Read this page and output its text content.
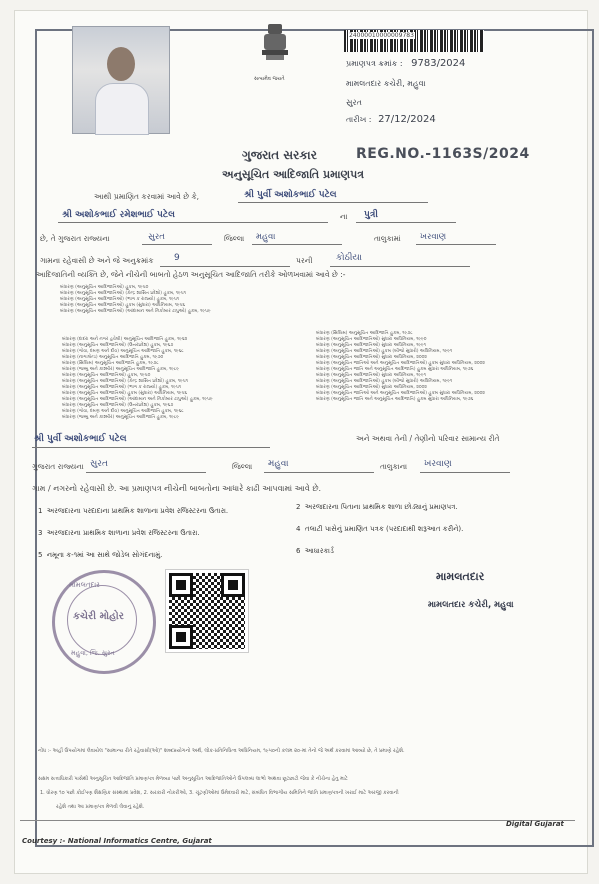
સત્યમેવ જયતે
24000010000009783
પ્રમાણપત્ર ક્રમાંક : 9783/2024
મામલતદાર કચેરી, મહુવા
સુરત
તારીખ : 27/12/2024
ગુજરાત સરકાર	REG.NO.-1163S/2024
અનુસૂચિત આદિજાતિ પ્રમાણપત્ર
આથી પ્રમાણિત કરવામાં આવે છે કે,	શ્રી પુર્વી અશોકભાઈ પટેલ
શ્રી અશોકભાઈ રમેશભાઈ પટેલ	ના પુત્રી
છે, તે ગુજરાત રાજ્યના	સુરત	જિલ્લા મહુવા	તાલુકામાં ખરવાણ
ગામના રહેવાસી છે અને જે અનુક્રમાંક 9	પરની	કોઠીયા
આદિજાતિની વ્યક્તિ છે, જેને નીચેની બાબતો હેઠળ અનુસૂચિત આદિજાતિ તરીકે ઓળખવામાં આવે છે :-
બંધારણ (અનુસૂચિત આદિજાતિઓ) હુકમ, ૧૯૫૦
બંધારણ (અનુસૂચિત આદિજાતિઓ) (કેન્દ્ર શાસિત પ્રદેશો) હુકમ, ૧૯૫૧
બંધારણ (અનુસૂચિત આદિજાતિઓ) (ભાગ ક રાજ્યો) હુકમ, ૧૯૫૧
બંધારણ (અનુસૂચિત આદિજાતિઓ) હુકમ (સુધારા) અધિનિયમ, ૧૯૫૬
બંધારણ (અનુસૂચિત આદિજાતિઓ) (આંદામાન અને નિકોબાર ટાપુઓ) હુકમ, ૧૯૫૯
બંધારણ (દાદરા અને નગર હવેલી) અનુસૂચિત આદિજાતિ હુકમ, ૧૯૬૨
બંધારણ (અનુસૂચિત આદિજાતિઓ) (ઉત્તરપ્રદેશ) હુકમ, ૧૯૬૭
બંધારણ (ગોવા, દમણ અને દીવ) અનુસૂચિત આદિજાતિ હુકમ, ૧૯૬૮
બંધારણ (નાગાલેન્ડ) અનુસૂચિત આદિજાતિ હુકમ, ૧૯૭૦
બંધારણ (સિક્કિમ) અનુસૂચિત આદિજાતિ હુકમ, ૧૯૭૮
બંધારણ (જમ્મુ અને કાશ્મીર) અનુસૂચિત આદિજાતિ હુકમ, ૧૯૮૯
બંધારણ (અનુસૂચિત આદિજાતિઓ) હુકમ, ૧૯૫૦
બંધારણ (અનુસૂચિત આદિજાતિઓ) (કેન્દ્ર શાસિત પ્રદેશો) હુકમ, ૧૯૫૧
બંધારણ (અનુસૂચિત આદિજાતિઓ) (ભાગ ક રાજ્યો) હુકમ, ૧૯૫૧
બંધારણ (અનુસૂચિત આદિજાતિઓ) હુકમ (સુધારા) અધિનિયમ, ૧૯૫૬
બંધારણ (અનુસૂચિત આદિજાતિઓ) (આંદામાન અને નિકોબાર ટાપુઓ) હુકમ, ૧૯૫૯
બંધારણ (અનુસૂચિત આદિજાતિઓ) (ઉત્તરપ્રદેશ) હુકમ, ૧૯૬૭
બંધારણ (ગોવા, દમણ અને દીવ) અનુસૂચિત આદિજાતિ હુકમ, ૧૯૬૮
બંધારણ (જમ્મુ અને કાશ્મીર) અનુસૂચિત આદિજાતિ હુકમ, ૧૯૮૯
બંધારણ (સિક્કિમ) અનુસૂચિત આદિજાતિ હુકમ, ૧૯૭૮
બંધારણ (અનુસૂચિત આદિજાતિઓ) સુધારા અધિનિયમ, ૧૯૯૦
બંધારણ (અનુસૂચિત આદિજાતિઓ) સુધારા અધિનિયમ, ૧૯૯૧
બંધારણ (અનુસૂચિત આદિજાતિઓ) હુકમ (બીજો સુધારો) અધિનિયમ, ૧૯૯૧
બંધારણ (અનુસૂચિત આદિજાતિઓ) સુધારા અધિનિયમ, ૨૦૦૨
બંધારણ (અનુસૂચિત જાતિઓ અને અનુસૂચિત આદિજાતિઓ) હુકમ સુધારા અધિનિયમ, ૨૦૦૨
બંધારણ (અનુસૂચિત જાતિ અને અનુસૂચિત આદિજાતિ) હુકમ સુધારા અધિનિયમ, ૧૯૭૬
બંધારણ (અનુસૂચિત આદિજાતિઓ) સુધારા અધિનિયમ, ૧૯૯૧
બંધારણ (અનુસૂચિત આદિજાતિઓ) હુકમ (બીજો સુધારો) અધિનિયમ, ૧૯૯૧
બંધારણ (અનુસૂચિત આદિજાતિઓ) સુધારા અધિનિયમ, ૨૦૦૨
બંધારણ (અનુસૂચિત જાતિઓ અને અનુસૂચિત આદિજાતિઓ) હુકમ સુધારા અધિનિયમ, ૨૦૦૨
બંધારણ (અનુસૂચિત જાતિ અને અનુસૂચિત આદિજાતિ) હુકમ સુધારા અધિનિયમ, ૧૯૭૬
શ્રી પુર્વી અશોકભાઈ પટેલ	અને અથવા તેની / તેણીનો પરિવાર સામાન્ય રીતે
ગુજરાત રાજ્યના સુરત	જિલ્લા મહુવા	તાલુકાના ખરવાણ
ગામ / નગરનો રહેવાસી છે. આ પ્રમાણપત્ર નીચેની બાબતોના આધારે કાઢી આપવામાં આવે છે.
1 અરજદારના પરદાદાના પ્રાથમિક શાળાના પ્રવેશ રજિસ્ટરના ઉતારા.
3 અરજદારના પ્રાથમિક શાળાના પ્રવેશ રજિસ્ટરના ઉતારા.
5 નમૂના ક-૧માં આ સાથે જોડેલ સોગંદનામું.
2 અરજદારના પિતાના પ્રાથમિક શાળા છોડ્યાનું પ્રમાણપત્ર.
4 તલાટી પાસેનું પ્રમાણિત પત્રક (પરદાદાથી શરૂઆત કરીને).
6 આધારકાર્ડ
મામલતદાર
કચેરી મોહોર
મહુવા, જિ. સુરત
મામલતદાર
મામલતદાર કચેરી, મહુવા
નોંધ :- અહીં ઉપયોગમાં લેવાયેલ "સામાન્ય રીતે રહેવાસી(ઓ)" શબ્દપ્રયોગનો અર્થ, લોક-પ્રતિનિધિત્વ અધિનિયમ, ૧૯૫૦ની કલમ ૨૦-માં તેનો જે અર્થ કરવામાં આવ્યો છે, તે પ્રમાણે રહેશે.
સક્ષમ સત્તાધિકારી પાસેથી અનુસૂચિત આદિજાતિ પ્રમાણપત્ર મેળવ્યા પછી અનુસૂચિત આદિજાતિઓને ઉપલબ્ધ લાભો અથવા છૂટછાટો જેવા કે નીચેના હેતુ માટે
1. ધોરણ ૧૦ પછી કોઈપણ શૈક્ષણિક સંસ્થામાં પ્રવેશ, 2. સરકારી નોકરીઓ, 3. ચૂંટણીઓમાં ઉમેદવારી માટે, સંબંધિત વિભાગીય સમિતિને જાતિ પ્રમાણપત્રની ખરાઈ માટે અરજી કરવાની
રહેશે તથા આ પ્રમાણપત્ર મેળવી લેવાનું રહેશે.
Courtesy :- National Informatics Centre, Gujarat
Digital Gujarat
